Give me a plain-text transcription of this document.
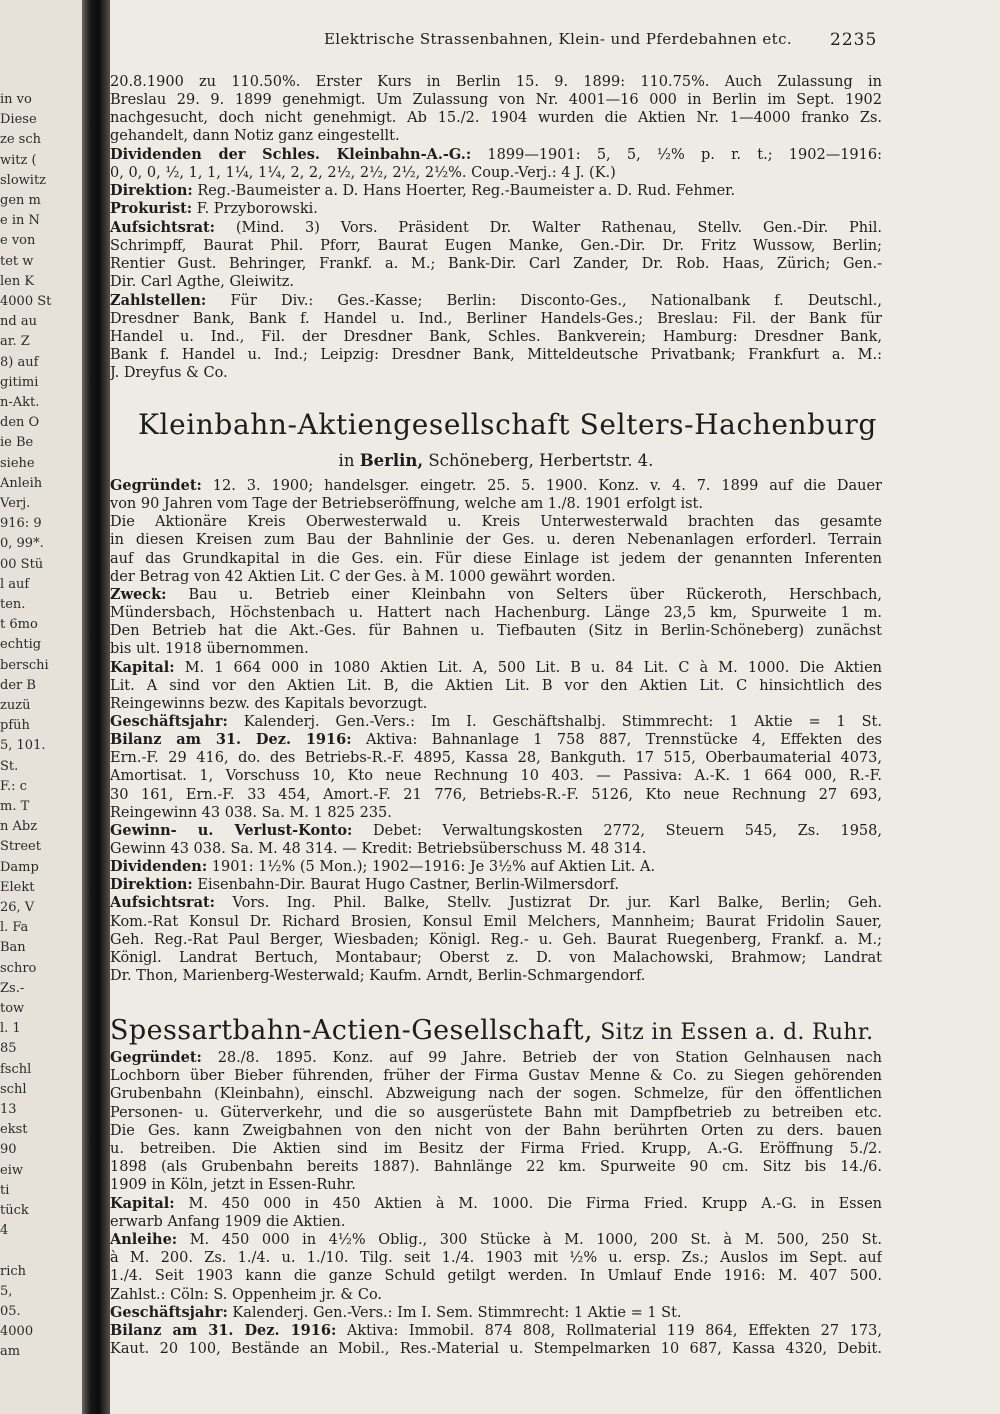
in vo
Diese
ze sch
witz (
slowitz
gen m
e in N
e von
tet w
len K
4000 St
nd au
ar. Z
8) auf
gitimi
n-Akt.
den O
ie Be
siehe
Anleih
Verj.
916: 9
0, 99*.
00 Stü
l auf
ten.
t 6mo
echtig
berschi
der B
zuzü
pfüh
5, 101.
St.
F.: c
m. T
n Abz
Street
Damp
Elekt
26, V
l. Fa
Ban
schro
Zs.-
tow
l. 1
85
fschl
schl
13
ekst
90
eiw
ti
tück
4
rich
5,
05.
4000
am
Elektrische Strassenbahnen, Klein- und Pferdebahnen etc.	2235
20.8.1900 zu 110.50%. Erster Kurs in Berlin 15. 9. 1899: 110.75%. Auch Zulassung in
Breslau 29. 9. 1899 genehmigt. Um Zulassung von Nr. 4001—16 000 in Berlin im Sept. 1902
nachgesucht, doch nicht genehmigt. Ab 15./2. 1904 wurden die Aktien Nr. 1—4000 franko Zs.
gehandelt, dann Notiz ganz eingestellt.
Dividenden der Schles. Kleinbahn-A.-G.: 1899—1901: 5, 5, ½% p. r. t.; 1902—1916:
0, 0, 0, ½, 1, 1, 1¼, 1¼, 2, 2, 2½, 2½, 2½, 2½%. Coup.-Verj.: 4 J. (K.)
Direktion: Reg.-Baumeister a. D. Hans Hoerter, Reg.-Baumeister a. D. Rud. Fehmer.
Prokurist: F. Przyborowski.
Aufsichtsrat: (Mind. 3) Vors. Präsident Dr. Walter Rathenau, Stellv. Gen.-Dir. Phil.
Schrimpff, Baurat Phil. Pforr, Baurat Eugen Manke, Gen.-Dir. Dr. Fritz Wussow, Berlin;
Rentier Gust. Behringer, Frankf. a. M.; Bank-Dir. Carl Zander, Dr. Rob. Haas, Zürich; Gen.-
Dir. Carl Agthe, Gleiwitz.
Zahlstellen: Für Div.: Ges.-Kasse; Berlin: Disconto-Ges., Nationalbank f. Deutschl.,
Dresdner Bank, Bank f. Handel u. Ind., Berliner Handels-Ges.; Breslau: Fil. der Bank für
Handel u. Ind., Fil. der Dresdner Bank, Schles. Bankverein; Hamburg: Dresdner Bank,
Bank f. Handel u. Ind.; Leipzig: Dresdner Bank, Mitteldeutsche Privatbank; Frankfurt a. M.:
J. Dreyfus & Co.
Kleinbahn-Aktiengesellschaft Selters-Hachenburg
in Berlin, Schöneberg, Herbertstr. 4.
Gegründet: 12. 3. 1900; handelsger. eingetr. 25. 5. 1900. Konz. v. 4. 7. 1899 auf die Dauer
von 90 Jahren vom Tage der Betriebseröffnung, welche am 1./8. 1901 erfolgt ist.
Die Aktionäre Kreis Oberwesterwald u. Kreis Unterwesterwald brachten das gesamte
in diesen Kreisen zum Bau der Bahnlinie der Ges. u. deren Nebenanlagen erforderl. Terrain
auf das Grundkapital in die Ges. ein. Für diese Einlage ist jedem der genannten Inferenten
der Betrag von 42 Aktien Lit. C der Ges. à M. 1000 gewährt worden.
Zweck: Bau u. Betrieb einer Kleinbahn von Selters über Rückeroth, Herschbach,
Mündersbach, Höchstenbach u. Hattert nach Hachenburg. Länge 23,5 km, Spurweite 1 m.
Den Betrieb hat die Akt.-Ges. für Bahnen u. Tiefbauten (Sitz in Berlin-Schöneberg) zunächst
bis ult. 1918 übernommen.
Kapital: M. 1 664 000 in 1080 Aktien Lit. A, 500 Lit. B u. 84 Lit. C à M. 1000. Die Aktien
Lit. A sind vor den Aktien Lit. B, die Aktien Lit. B vor den Aktien Lit. C hinsichtlich des
Reingewinns bezw. des Kapitals bevorzugt.
Geschäftsjahr: Kalenderj. Gen.-Vers.: Im I. Geschäftshalbj. Stimmrecht: 1 Aktie = 1 St.
Bilanz am 31. Dez. 1916: Aktiva: Bahnanlage 1 758 887, Trennstücke 4, Effekten des
Ern.-F. 29 416, do. des Betriebs-R.-F. 4895, Kassa 28, Bankguth. 17 515, Oberbaumaterial 4073,
Amortisat. 1, Vorschuss 10, Kto neue Rechnung 10 403. — Passiva: A.-K. 1 664 000, R.-F.
30 161, Ern.-F. 33 454, Amort.-F. 21 776, Betriebs-R.-F. 5126, Kto neue Rechnung 27 693,
Reingewinn 43 038. Sa. M. 1 825 235.
Gewinn- u. Verlust-Konto: Debet: Verwaltungskosten 2772, Steuern 545, Zs. 1958,
Gewinn 43 038. Sa. M. 48 314. — Kredit: Betriebsüberschuss M. 48 314.
Dividenden: 1901: 1½% (5 Mon.); 1902—1916: Je 3½% auf Aktien Lit. A.
Direktion: Eisenbahn-Dir. Baurat Hugo Castner, Berlin-Wilmersdorf.
Aufsichtsrat: Vors. Ing. Phil. Balke, Stellv. Justizrat Dr. jur. Karl Balke, Berlin; Geh.
Kom.-Rat Konsul Dr. Richard Brosien, Konsul Emil Melchers, Mannheim; Baurat Fridolin Sauer,
Geh. Reg.-Rat Paul Berger, Wiesbaden; Königl. Reg.- u. Geh. Baurat Ruegenberg, Frankf. a. M.;
Königl. Landrat Bertuch, Montabaur; Oberst z. D. von Malachowski, Brahmow; Landrat
Dr. Thon, Marienberg-Westerwald; Kaufm. Arndt, Berlin-Schmargendorf.
Spessartbahn-Actien-Gesellschaft, Sitz in Essen a. d. Ruhr.
Gegründet: 28./8. 1895. Konz. auf 99 Jahre. Betrieb der von Station Gelnhausen nach
Lochborn über Bieber führenden, früher der Firma Gustav Menne & Co. zu Siegen gehörenden
Grubenbahn (Kleinbahn), einschl. Abzweigung nach der sogen. Schmelze, für den öffentlichen
Personen- u. Güterverkehr, und die so ausgerüstete Bahn mit Dampfbetrieb zu betreiben etc.
Die Ges. kann Zweigbahnen von den nicht von der Bahn berührten Orten zu ders. bauen
u. betreiben. Die Aktien sind im Besitz der Firma Fried. Krupp, A.-G. Eröffnung 5./2.
1898 (als Grubenbahn bereits 1887). Bahnlänge 22 km. Spurweite 90 cm. Sitz bis 14./6.
1909 in Köln, jetzt in Essen-Ruhr.
Kapital: M. 450 000 in 450 Aktien à M. 1000. Die Firma Fried. Krupp A.-G. in Essen
erwarb Anfang 1909 die Aktien.
Anleihe: M. 450 000 in 4½% Oblig., 300 Stücke à M. 1000, 200 St. à M. 500, 250 St.
à M. 200. Zs. 1./4. u. 1./10. Tilg. seit 1./4. 1903 mit ½% u. ersp. Zs.; Auslos im Sept. auf
1./4. Seit 1903 kann die ganze Schuld getilgt werden. In Umlauf Ende 1916: M. 407 500.
Zahlst.: Cöln: S. Oppenheim jr. & Co.
Geschäftsjahr: Kalenderj. Gen.-Vers.: Im I. Sem. Stimmrecht: 1 Aktie = 1 St.
Bilanz am 31. Dez. 1916: Aktiva: Immobil. 874 808, Rollmaterial 119 864, Effekten 27 173,
Kaut. 20 100, Bestände an Mobil., Res.-Material u. Stempelmarken 10 687, Kassa 4320, Debit.
